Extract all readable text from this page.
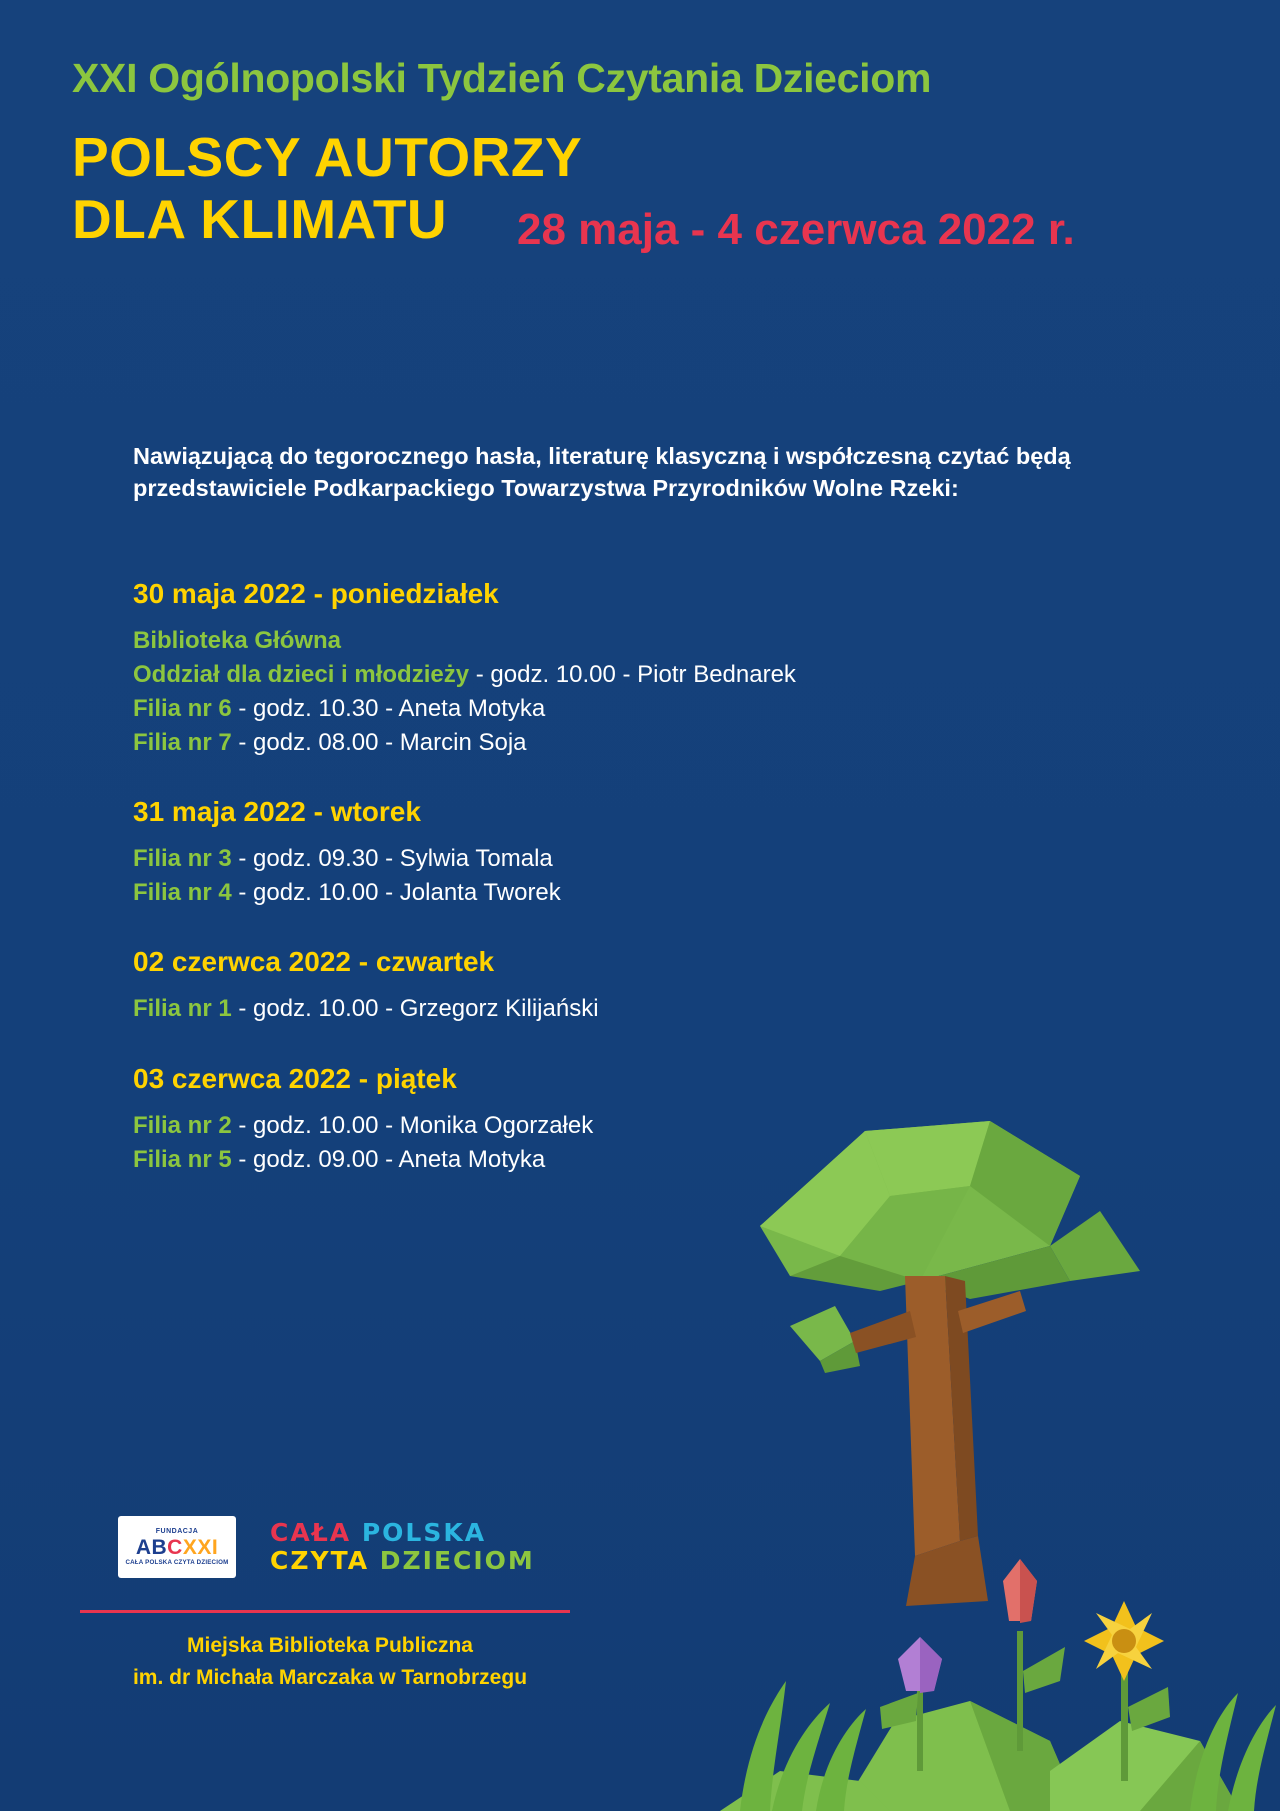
XXI Ogólnopolski Tydzień Czytania Dzieciom
POLSCY AUTORZY
DLA KLIMATU	28 maja - 4 czerwca 2022 r.
Nawiązującą do tegorocznego hasła, literaturę klasyczną i współczesną czytać będą przedstawiciele Podkarpackiego Towarzystwa Przyrodników Wolne Rzeki:
30 maja 2022 - poniedziałek
Biblioteka Główna
Oddział dla dzieci i młodzieży - godz. 10.00 - Piotr Bednarek
Filia nr 6 - godz. 10.30 - Aneta Motyka
Filia nr 7 - godz. 08.00 - Marcin Soja
31 maja 2022 - wtorek
Filia nr 3 - godz. 09.30 - Sylwia Tomala
Filia nr 4 - godz. 10.00 - Jolanta Tworek
02 czerwca 2022 - czwartek
Filia nr 1 - godz. 10.00 - Grzegorz Kilijański
03 czerwca 2022 - piątek
Filia nr 2 - godz. 10.00 - Monika Ogorzałek
Filia nr 5 - godz. 09.00 - Aneta Motyka
FUNDACJA
ABCXXI
CAŁA POLSKA CZYTA DZIECIOM
CAŁA POLSKA
CZYTA DZIECIOM
Miejska Biblioteka Publiczna
im. dr Michała Marczaka w Tarnobrzegu
